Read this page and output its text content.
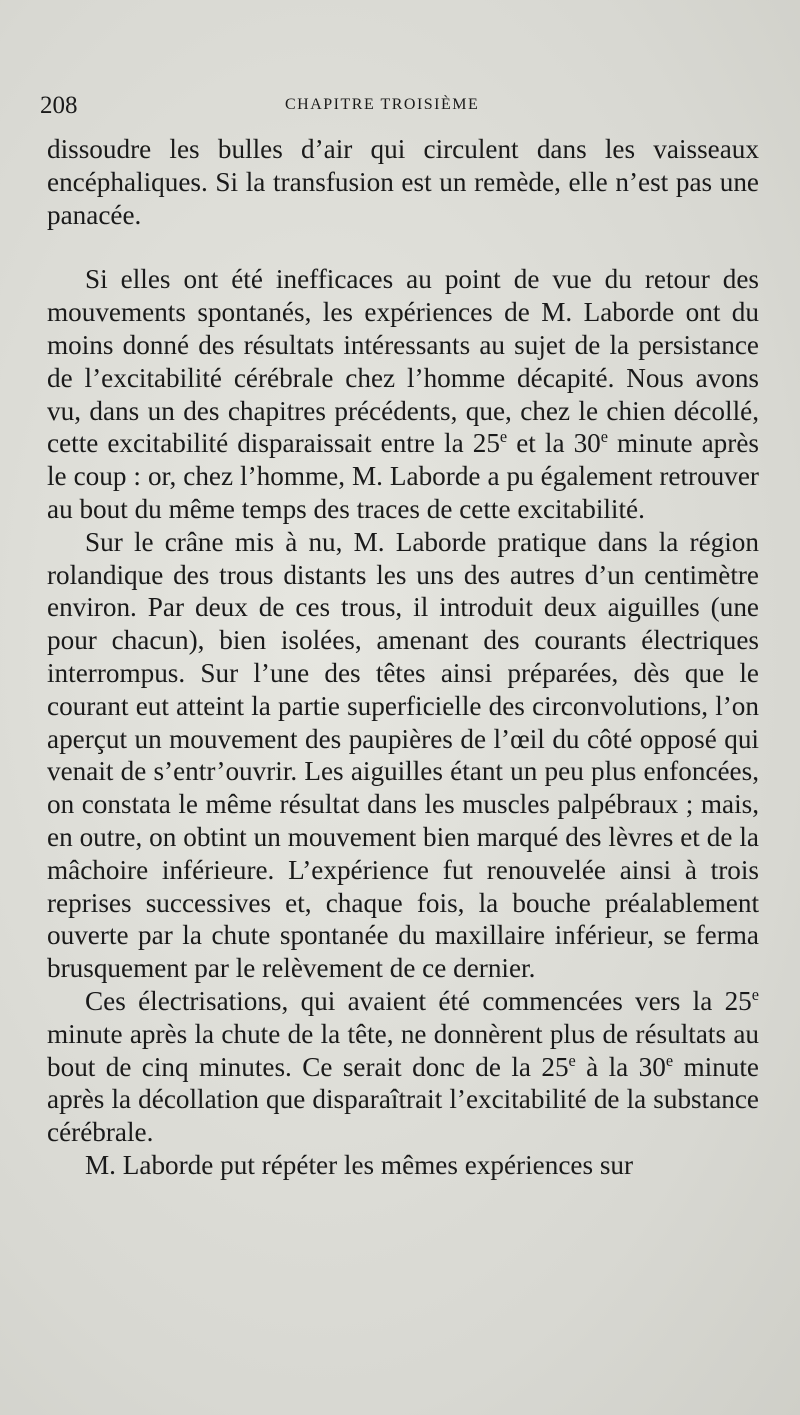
208	CHAPITRE TROISIÈME

dissoudre les bulles d’air qui circulent dans les vaisseaux encéphaliques. Si la transfusion est un remède, elle n’est pas une panacée.

Si elles ont été inefficaces au point de vue du retour des mouvements spontanés, les expériences de M. Laborde ont du moins donné des résultats intéressants au sujet de la persistance de l’excitabilité cérébrale chez l’homme décapité. Nous avons vu, dans un des chapitres précédents, que, chez le chien décollé, cette excitabilité disparaissait entre la 25e et la 30e minute après le coup : or, chez l’homme, M. Laborde a pu également retrouver au bout du même temps des traces de cette excitabilité.

Sur le crâne mis à nu, M. Laborde pratique dans la région rolandique des trous distants les uns des autres d’un centimètre environ. Par deux de ces trous, il introduit deux aiguilles (une pour chacun), bien isolées, amenant des courants électriques interrompus. Sur l’une des têtes ainsi préparées, dès que le courant eut atteint la partie superficielle des circonvolutions, l’on aperçut un mouvement des paupières de l’œil du côté opposé qui venait de s’entr’ouvrir. Les aiguilles étant un peu plus enfoncées, on constata le même résultat dans les muscles palpébraux ; mais, en outre, on obtint un mouvement bien marqué des lèvres et de la mâchoire inférieure. L’expérience fut renouvelée ainsi à trois reprises successives et, chaque fois, la bouche préalablement ouverte par la chute spontanée du maxillaire inférieur, se ferma brusquement par le relèvement de ce dernier.

Ces électrisations, qui avaient été commencées vers la 25e minute après la chute de la tête, ne donnèrent plus de résultats au bout de cinq minutes. Ce serait donc de la 25e à la 30e minute après la décollation que disparaîtrait l’excitabilité de la substance cérébrale.

M. Laborde put répéter les mêmes expériences sur
